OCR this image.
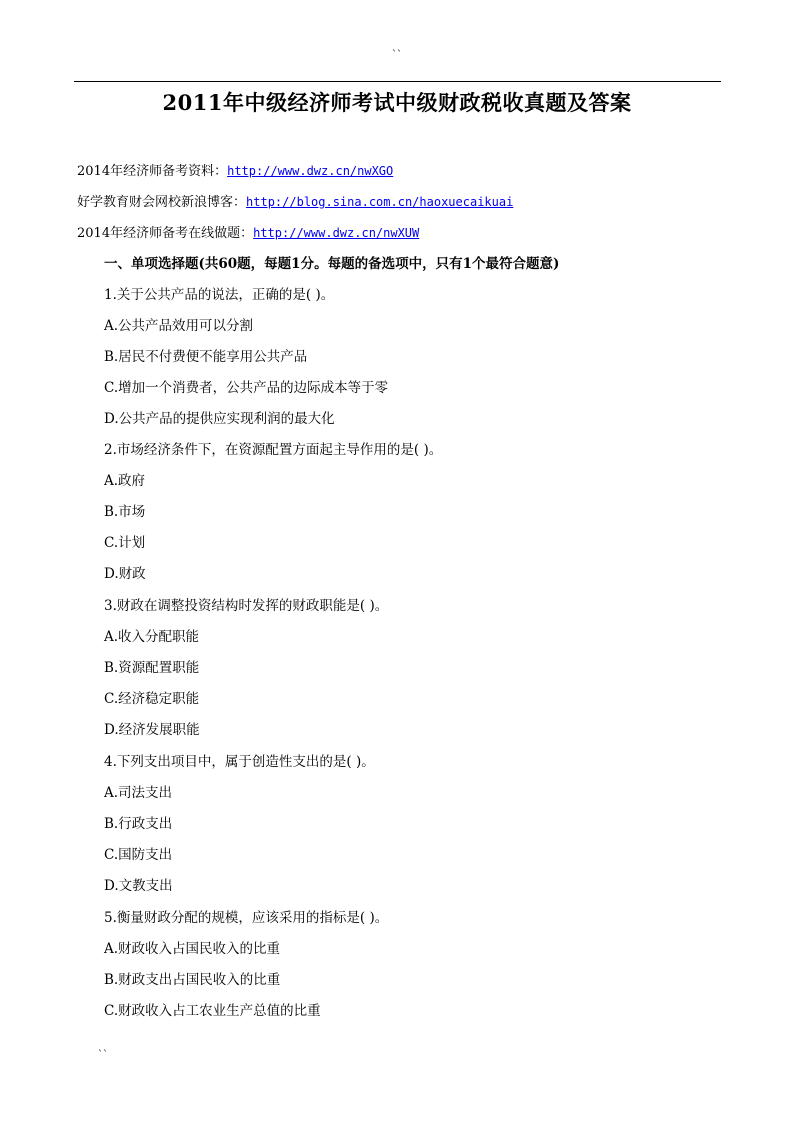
``
2011年中级经济师考试中级财政税收真题及答案
2014年经济师备考资料：http://www.dwz.cn/nwXGO
好学教育财会网校新浪博客：http://blog.sina.com.cn/haoxuecaikuai
2014年经济师备考在线做题：http://www.dwz.cn/nwXUW
一、单项选择题(共60题，每题1分。每题的备选项中，只有1个最符合题意)
1.关于公共产品的说法，正确的是( )。
A.公共产品效用可以分割
B.居民不付费便不能享用公共产品
C.增加一个消费者，公共产品的边际成本等于零
D.公共产品的提供应实现利润的最大化
2.市场经济条件下，在资源配置方面起主导作用的是( )。
A.政府
B.市场
C.计划
D.财政
3.财政在调整投资结构时发挥的财政职能是( )。
A.收入分配职能
B.资源配置职能
C.经济稳定职能
D.经济发展职能
4.下列支出项目中，属于创造性支出的是( )。
A.司法支出
B.行政支出
C.国防支出
D.文教支出
5.衡量财政分配的规模，应该采用的指标是( )。
A.财政收入占国民收入的比重
B.财政支出占国民收入的比重
C.财政收入占工农业生产总值的比重
``
